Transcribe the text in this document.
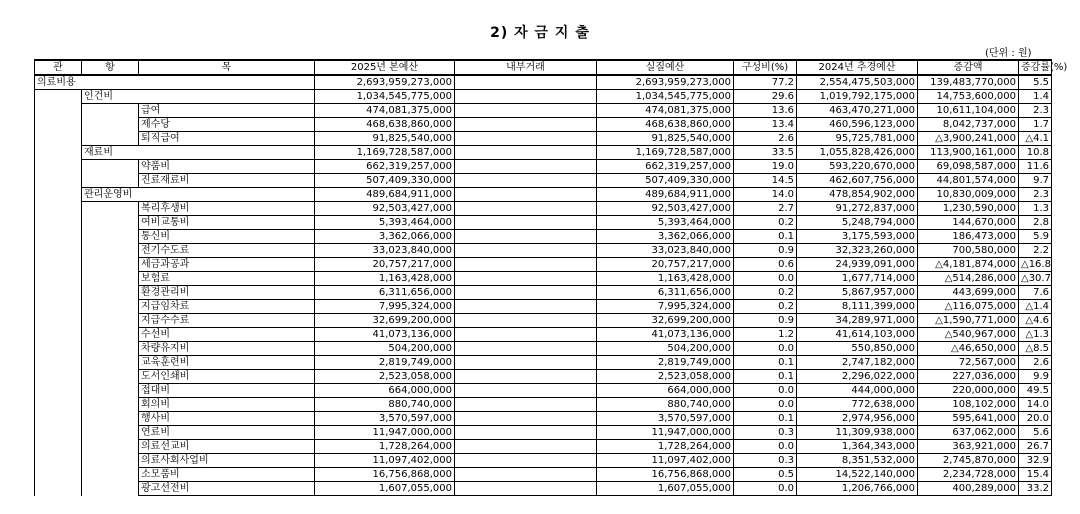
2) 자 금 지 출
(단위 : 원)
관	항	목	2025년 본예산	내부거래	실질예산	구성비(%)	2024년 추경예산	증감액	증감률(%)
의료비용			2,693,959,273,000		2,693,959,273,000	77.2	2,554,475,503,000	139,483,770,000	5.5
	인건비		1,034,545,775,000		1,034,545,775,000	29.6	1,019,792,175,000	14,753,600,000	1.4
		급여	474,081,375,000		474,081,375,000	13.6	463,470,271,000	10,611,104,000	2.3
		제수당	468,638,860,000		468,638,860,000	13.4	460,596,123,000	8,042,737,000	1.7
		퇴직급여	91,825,540,000		91,825,540,000	2.6	95,725,781,000	△3,900,241,000	△4.1
	재료비		1,169,728,587,000		1,169,728,587,000	33.5	1,055,828,426,000	113,900,161,000	10.8
		약품비	662,319,257,000		662,319,257,000	19.0	593,220,670,000	69,098,587,000	11.6
		진료재료비	507,409,330,000		507,409,330,000	14.5	462,607,756,000	44,801,574,000	9.7
	관리운영비		489,684,911,000		489,684,911,000	14.0	478,854,902,000	10,830,009,000	2.3
		복리후생비	92,503,427,000		92,503,427,000	2.7	91,272,837,000	1,230,590,000	1.3
		여비교통비	5,393,464,000		5,393,464,000	0.2	5,248,794,000	144,670,000	2.8
		통신비	3,362,066,000		3,362,066,000	0.1	3,175,593,000	186,473,000	5.9
		전기수도료	33,023,840,000		33,023,840,000	0.9	32,323,260,000	700,580,000	2.2
		세금과공과	20,757,217,000		20,757,217,000	0.6	24,939,091,000	△4,181,874,000	△16.8
		보험료	1,163,428,000		1,163,428,000	0.0	1,677,714,000	△514,286,000	△30.7
		환경관리비	6,311,656,000		6,311,656,000	0.2	5,867,957,000	443,699,000	7.6
		지급임차료	7,995,324,000		7,995,324,000	0.2	8,111,399,000	△116,075,000	△1.4
		지급수수료	32,699,200,000		32,699,200,000	0.9	34,289,971,000	△1,590,771,000	△4.6
		수선비	41,073,136,000		41,073,136,000	1.2	41,614,103,000	△540,967,000	△1.3
		차량유지비	504,200,000		504,200,000	0.0	550,850,000	△46,650,000	△8.5
		교육훈련비	2,819,749,000		2,819,749,000	0.1	2,747,182,000	72,567,000	2.6
		도서인쇄비	2,523,058,000		2,523,058,000	0.1	2,296,022,000	227,036,000	9.9
		접대비	664,000,000		664,000,000	0.0	444,000,000	220,000,000	49.5
		회의비	880,740,000		880,740,000	0.0	772,638,000	108,102,000	14.0
		행사비	3,570,597,000		3,570,597,000	0.1	2,974,956,000	595,641,000	20.0
		연료비	11,947,000,000		11,947,000,000	0.3	11,309,938,000	637,062,000	5.6
		의료선교비	1,728,264,000		1,728,264,000	0.0	1,364,343,000	363,921,000	26.7
		의료사회사업비	11,097,402,000		11,097,402,000	0.3	8,351,532,000	2,745,870,000	32.9
		소모품비	16,756,868,000		16,756,868,000	0.5	14,522,140,000	2,234,728,000	15.4
		광고선전비	1,607,055,000		1,607,055,000	0.0	1,206,766,000	400,289,000	33.2
